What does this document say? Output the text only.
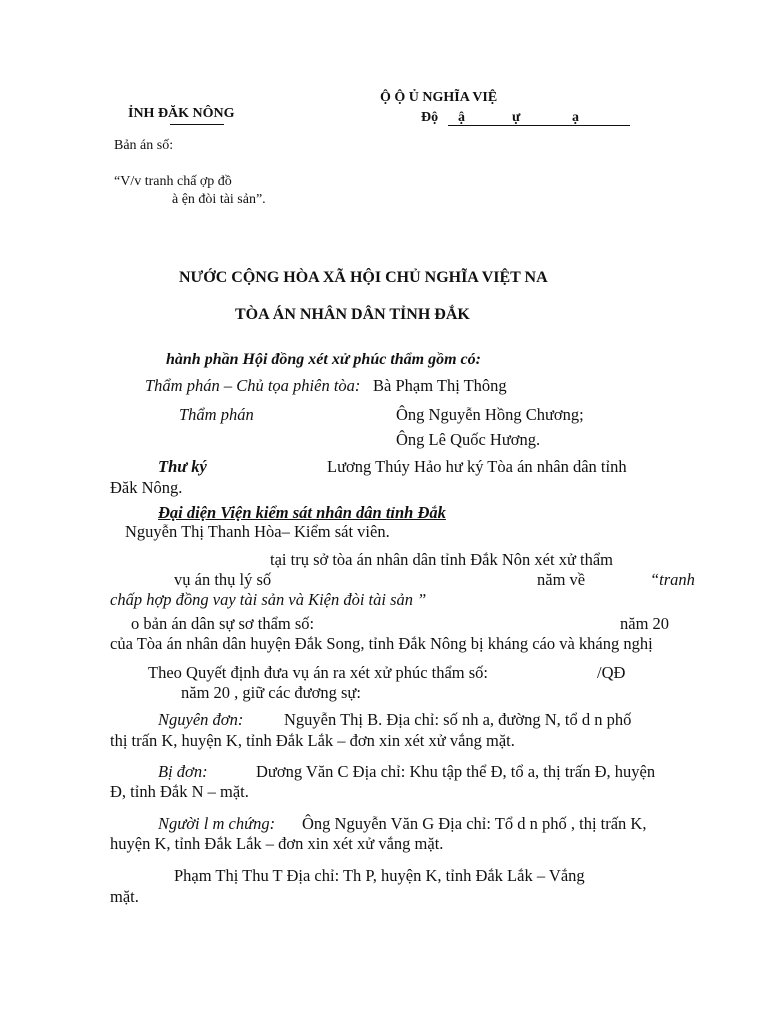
ỈNH ĐĂK NÔNG
Ộ Ộ Ủ NGHĨA VIỆ
Độ ậ	ự	ạ
Bản án số:
“V/v tranh chấ ợp đồ
à ện đòi tài sản”.
NƯỚC CỘNG HÒA XÃ HỘI CHỦ NGHĨA VIỆT NA
TÒA ÁN NHÂN DÂN TỈNH ĐẮK
hành phần Hội đồng xét xử phúc thẩm gồm có:
Thẩm phán – Chủ tọa phiên tòa: Bà Phạm Thị Thông
Thẩm phán	Ông Nguyễn Hồng Chương;
Ông Lê Quốc Hương.
Thư ký	Lương Thúy Hảo hư ký Tòa án nhân dân tỉnh
Đăk Nông.
Đại diện Viện kiểm sát nhân dân tỉnh Đắk
Nguyễn Thị Thanh Hòa– Kiểm sát viên.
tại trụ sở tòa án nhân dân tỉnh Đắk Nôn xét xử thẩm
vụ án thụ lý số	năm về	“tranh
chấp hợp đồng vay tài sản và Kiện đòi tài sản ”
o bản án dân sự sơ thẩm số:	năm 20
của Tòa án nhân dân huyện Đắk Song, tỉnh Đắk Nông bị kháng cáo và kháng nghị
Theo Quyết định đưa vụ án ra xét xử phúc thẩm số:	/QĐ
năm 20 , giữ các đương sự:
Nguyên đơn: Nguyễn Thị B. Địa chỉ: số nh a, đường N, tổ d n phố
thị trấn K, huyện K, tỉnh Đắk Lắk – đơn xin xét xử vắng mặt.
Bị đơn:	Dương Văn C Địa chỉ: Khu tập thể Đ, tổ a, thị trấn Đ, huyện
Đ, tỉnh Đắk N – mặt.
Người l m chứng: Ông Nguyễn Văn G Địa chỉ: Tổ d n phố , thị trấn K,
huyện K, tỉnh Đắk Lắk – đơn xin xét xử vắng mặt.
Phạm Thị Thu T Địa chỉ: Th P, huyện K, tỉnh Đắk Lắk – Vắng
mặt.
